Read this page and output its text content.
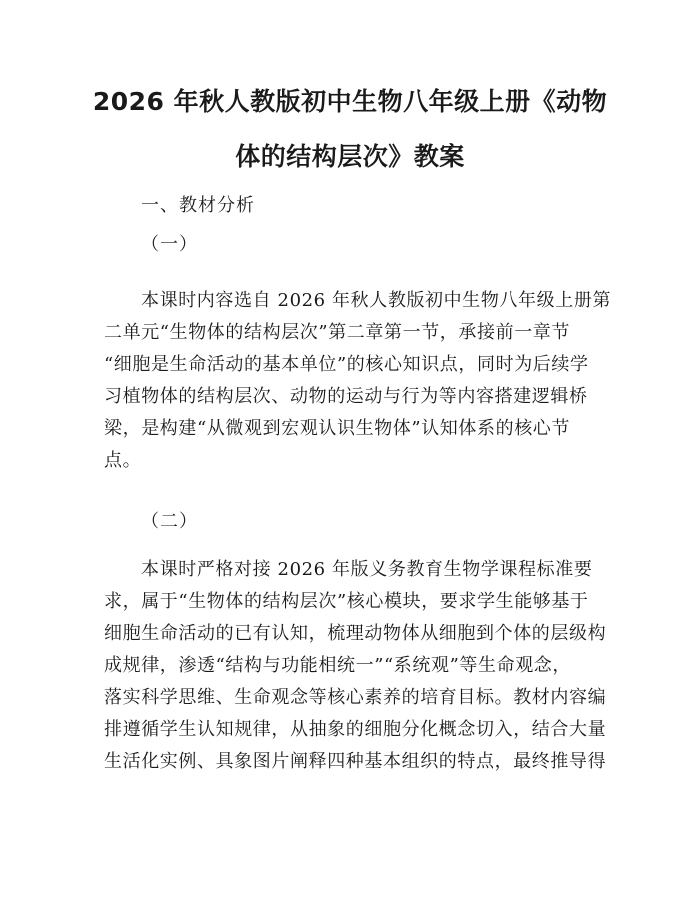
2026 年秋人教版初中生物八年级上册《动物
体的结构层次》教案

一、教材分析

（一）

本课时内容选自 2026 年秋人教版初中生物八年级上册第
二单元“生物体的结构层次”第二章第一节，承接前一章节
“细胞是生命活动的基本单位”的核心知识点，同时为后续学
习植物体的结构层次、动物的运动与行为等内容搭建逻辑桥
梁，是构建“从微观到宏观认识生物体”认知体系的核心节
点。

（二）

本课时严格对接 2026 年版义务教育生物学课程标准要
求，属于“生物体的结构层次”核心模块，要求学生能够基于
细胞生命活动的已有认知，梳理动物体从细胞到个体的层级构
成规律，渗透“结构与功能相统一”“系统观”等生命观念，
落实科学思维、生命观念等核心素养的培育目标。教材内容编
排遵循学生认知规律，从抽象的细胞分化概念切入，结合大量
生活化实例、具象图片阐释四种基本组织的特点，最终推导得
